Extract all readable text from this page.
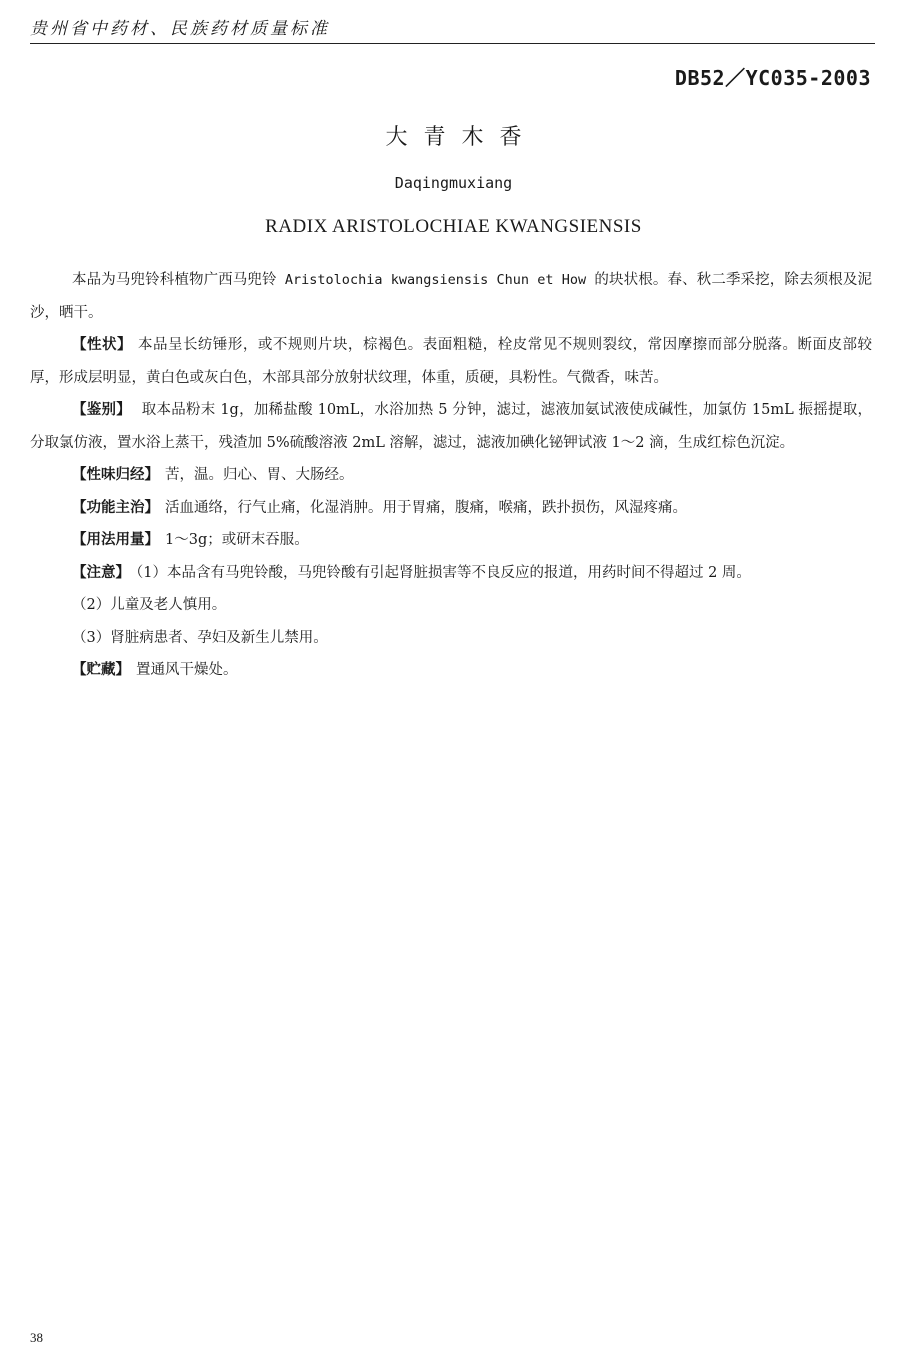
贵州省中药材、民族药材质量标准
DB52／YC035-2003
大青木香
Daqingmuxiang
RADIX ARISTOLOCHIAE KWANGSIENSIS

本品为马兜铃科植物广西马兜铃 Aristolochia kwangsiensis Chun et How 的块状根。春、秋二季采挖，除去须根及泥沙，晒干。

【性状】 本品呈长纺锤形，或不规则片块，棕褐色。表面粗糙，栓皮常见不规则裂纹，常因摩擦而部分脱落。断面皮部较厚，形成层明显，黄白色或灰白色，木部具部分放射状纹理，体重，质硬，具粉性。气微香，味苦。

【鉴别】 取本品粉末 1g，加稀盐酸 10mL，水浴加热 5 分钟，滤过，滤液加氨试液使成碱性，加氯仿 15mL 振摇提取，分取氯仿液，置水浴上蒸干，残渣加 5%硫酸溶液 2mL 溶解，滤过，滤液加碘化铋钾试液 1～2 滴，生成红棕色沉淀。

【性味归经】 苦，温。归心、胃、大肠经。

【功能主治】 活血通络，行气止痛，化湿消肿。用于胃痛，腹痛，喉痛，跌扑损伤，风湿疼痛。

【用法用量】 1～3g；或研末吞服。

【注意】 （1）本品含有马兜铃酸，马兜铃酸有引起肾脏损害等不良反应的报道，用药时间不得超过 2 周。

（2）儿童及老人慎用。

（3）肾脏病患者、孕妇及新生儿禁用。

【贮藏】 置通风干燥处。

38
